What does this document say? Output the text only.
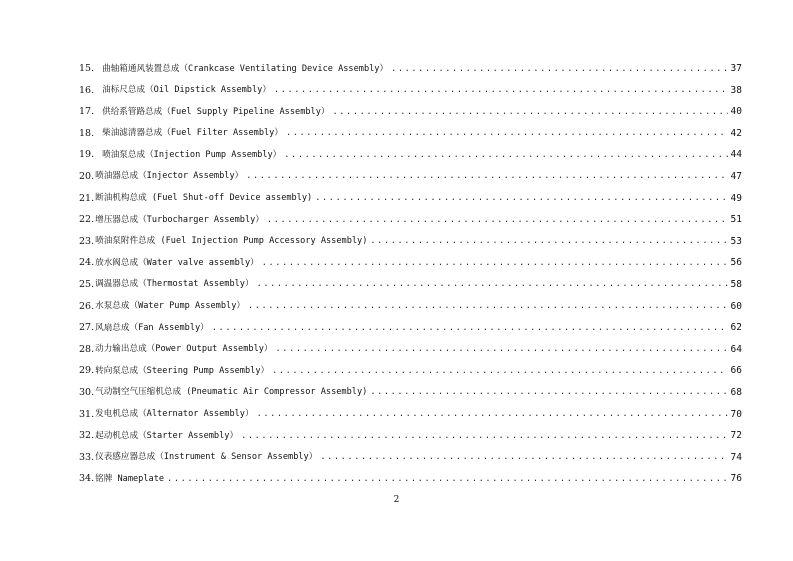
15. 曲轴箱通风装置总成（Crankcase Ventilating Device Assembly） .....	37
16. 油标尺总成（Oil Dipstick Assembly） .....	38
17. 供给系管路总成（Fuel Supply Pipeline Assembly） .....	40
18. 柴油滤清器总成（Fuel Filter Assembly） .....	42
19. 喷油泵总成（Injection Pump Assembly） .....	44
20. 喷油器总成（Injector Assembly） .....	47
21. 断油机构总成 (Fuel Shut-off Device assembly) .....	49
22. 增压器总成（Turbocharger Assembly） .....	51
23. 喷油泵附件总成 (Fuel Injection Pump Accessory Assembly) .....	53
24. 放水阀总成（Water valve assembly） .....	56
25. 调温器总成（Thermostat Assembly） .....	58
26. 水泵总成（Water Pump Assembly） .....	60
27. 风扇总成（Fan Assembly） .....	62
28. 动力输出总成（Power Output Assembly） .....	64
29. 转向泵总成（Steering Pump Assembly） .....	66
30. 气动制空气压缩机总成 (Pneumatic Air Compressor Assembly) .....	68
31. 发电机总成（Alternator Assembly） .....	70
32. 起动机总成（Starter Assembly） .....	72
33. 仪表感应器总成（Instrument & Sensor Assembly） .....	74
34. 铭牌 Nameplate .....	76
2
